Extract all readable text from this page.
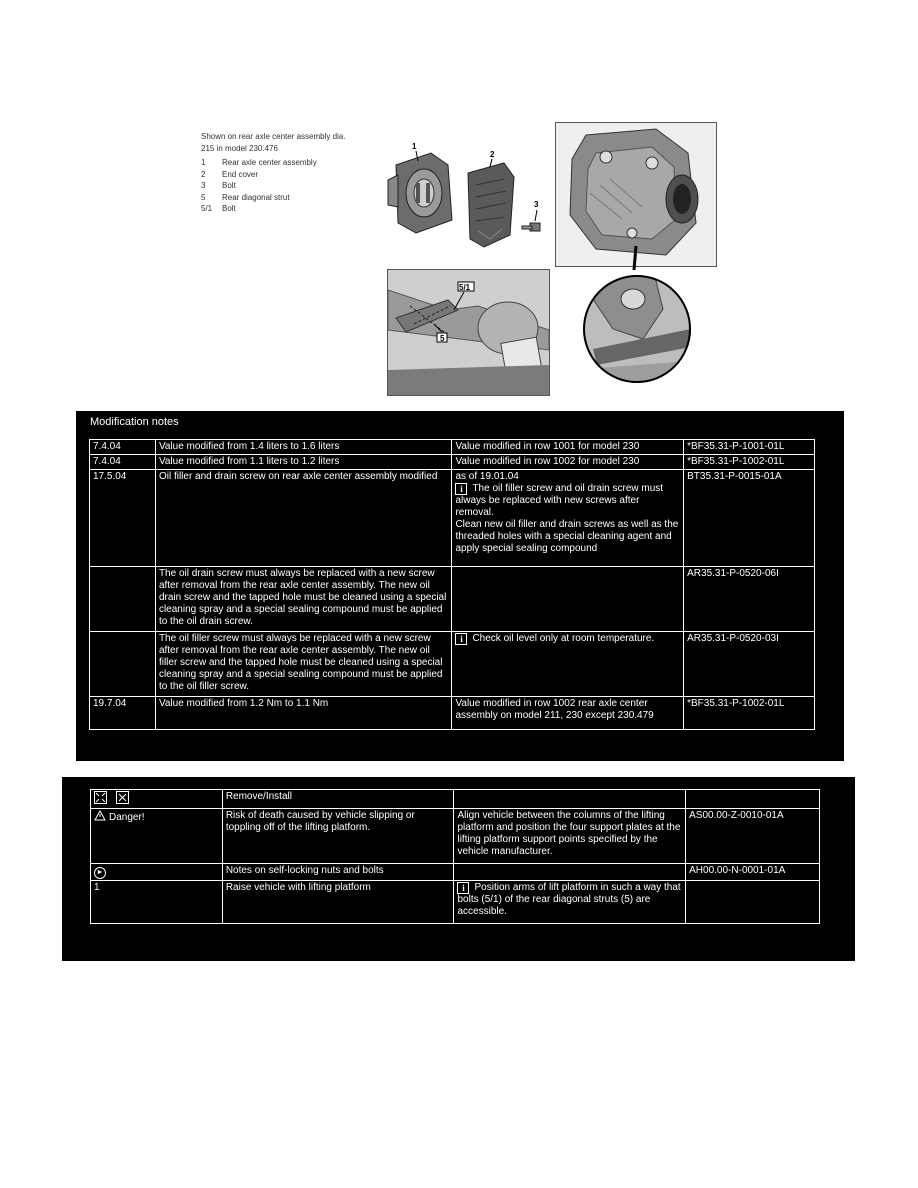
Shown on rear axle center assembly dia.
215 in model 230.476
1	Rear axle center assembly
2	End cover
3	Bolt
5	Rear diagonal strut
5/1	Bolt
1
2
3
5/1
5
Modification notes
7.4.04	Value modified from 1.4 liters to 1.6 liters	Value modified in row 1001 for model 230	*BF35.31-P-1001-01L
7.4.04	Value modified from 1.1 liters to 1.2 liters	Value modified in row 1002 for model 230	*BF35.31-P-1002-01L
17.5.04	Oil filler and drain screw on rear axle center assembly modified	as of 19.01.04
i The oil filler screw and oil drain screw must always be replaced with new screws after removal.
Clean new oil filler and drain screws as well as the threaded holes with a special cleaning agent and apply special sealing compound	BT35.31-P-0015-01A
	The oil drain screw must always be replaced with a new screw after removal from the rear axle center assembly. The new oil drain screw and the tapped hole must be cleaned using a special cleaning spray and a special sealing compound must be applied to the oil drain screw.		AR35.31-P-0520-06I
	The oil filler screw must always be replaced with a new screw after removal from the rear axle center assembly. The new oil filler screw and the tapped hole must be cleaned using a special cleaning spray and a special sealing compound must be applied to the oil filler screw.	i Check oil level only at room temperature.	AR35.31-P-0520-03I
19.7.04	Value modified from 1.2 Nm to 1.1 Nm	Value modified in row 1002 rear axle center assembly on model 211, 230 except 230.479	*BF35.31-P-1002-01L
	Remove/Install		
Danger!	Risk of death caused by vehicle slipping or toppling off of the lifting platform.	Align vehicle between the columns of the lifting platform and position the four support plates at the lifting platform support points specified by the vehicle manufacturer.	AS00.00-Z-0010-01A
►	Notes on self-locking nuts and bolts		AH00.00-N-0001-01A
1	Raise vehicle with lifting platform	i Position arms of lift platform in such a way that bolts (5/1) of the rear diagonal struts (5) are accessible.	
